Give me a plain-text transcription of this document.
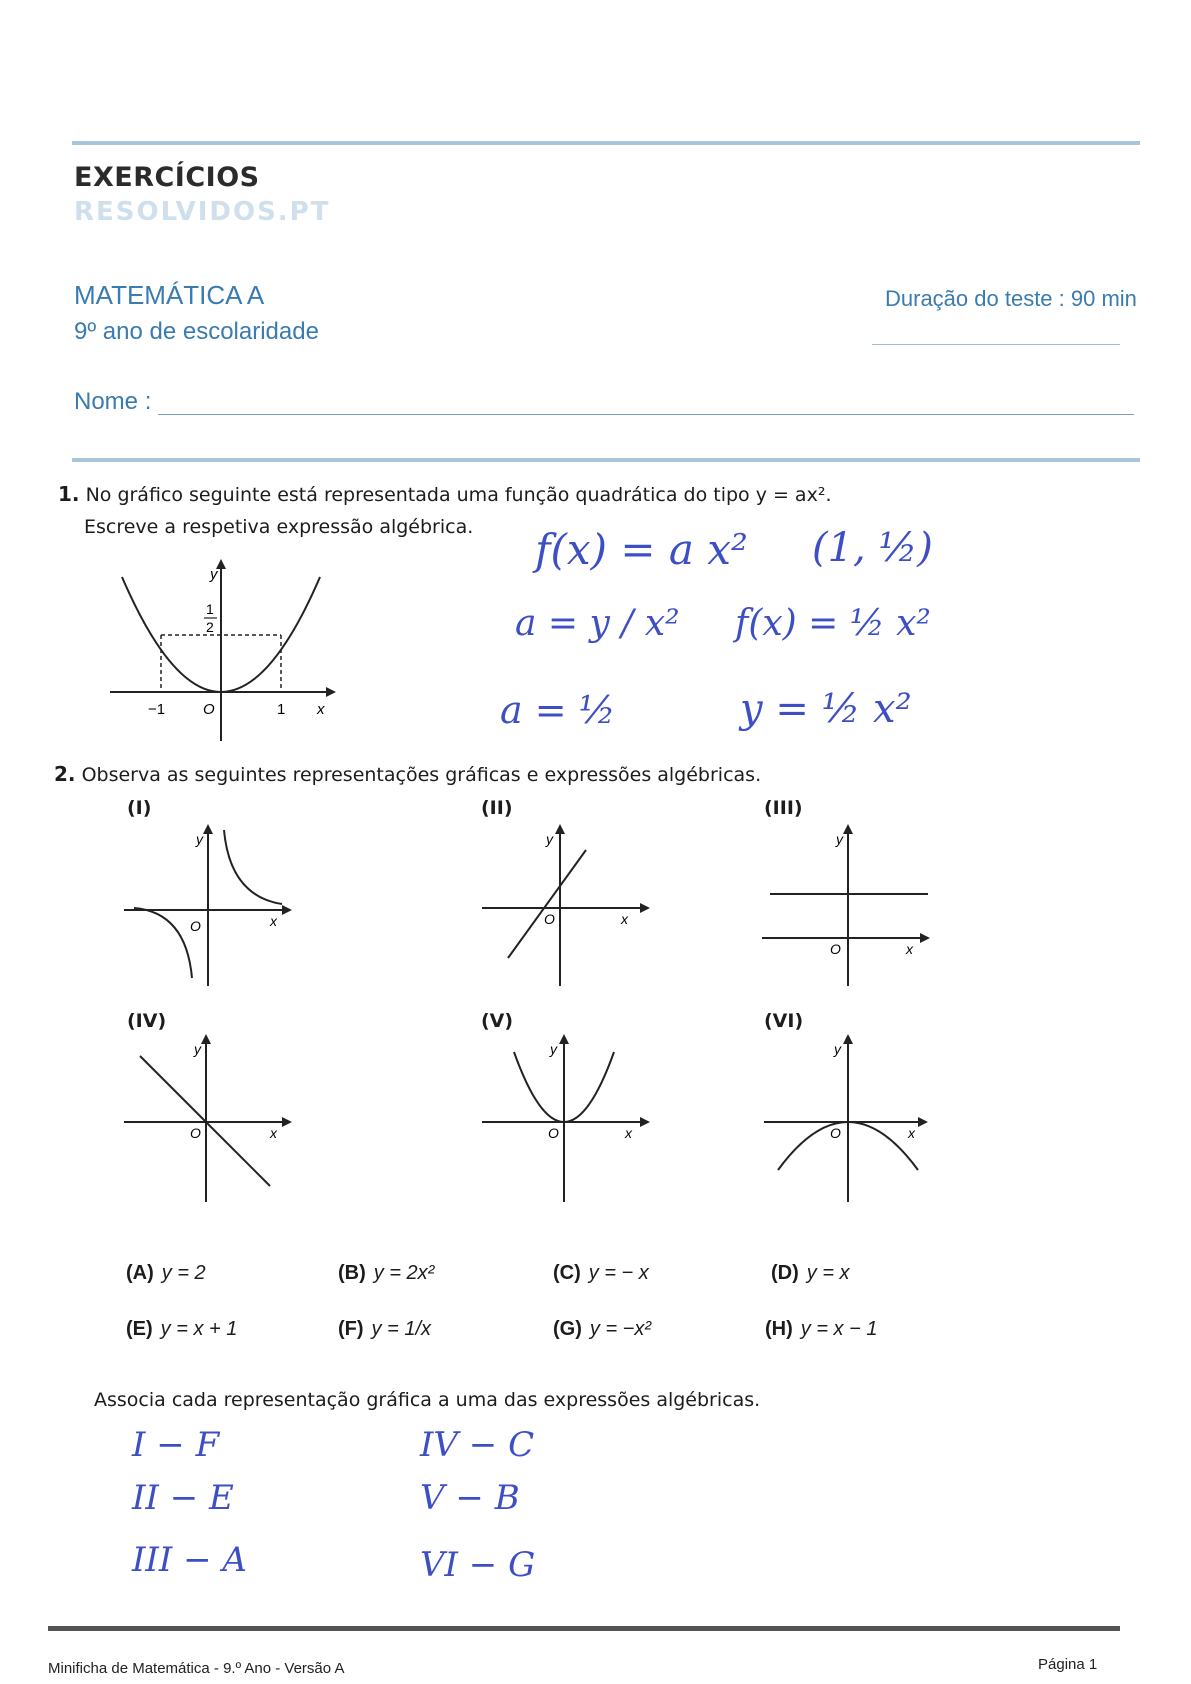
EXERCÍCIOS
RESOLVIDOS.PT
MATEMÁTICA A
9º ano de escolaridade
Duração do teste : 90 min
Nome :
1. No gráfico seguinte está representada uma função quadrática do tipo y = ax².
Escreve a respetiva expressão algébrica.
y
x
O
−1	1
1
2
f(x) = a x² (1, ½)
a = y / x² f(x) = ½ x²
a = ½	y = ½ x²
2. Observa as seguintes representações gráficas e expressões algébricas.
(I)	(II)	(III)
(IV)	(V)	(VI)
y
x
O
y
x
O
y
x
O
y
x
O
y
x
O
y
x
O
(A) y = 2	(B) y = 2x²	(C) y = − x	(D) y = x
(E) y = x + 1	(F) y = 1/x	(G) y = −x²	(H) y = x − 1
Associa cada representação gráfica a uma das expressões algébricas.
I − F
II − E
III − A
IV − C
V − B
VI − G
Minificha de Matemática - 9.º Ano - Versão A	Página 1
